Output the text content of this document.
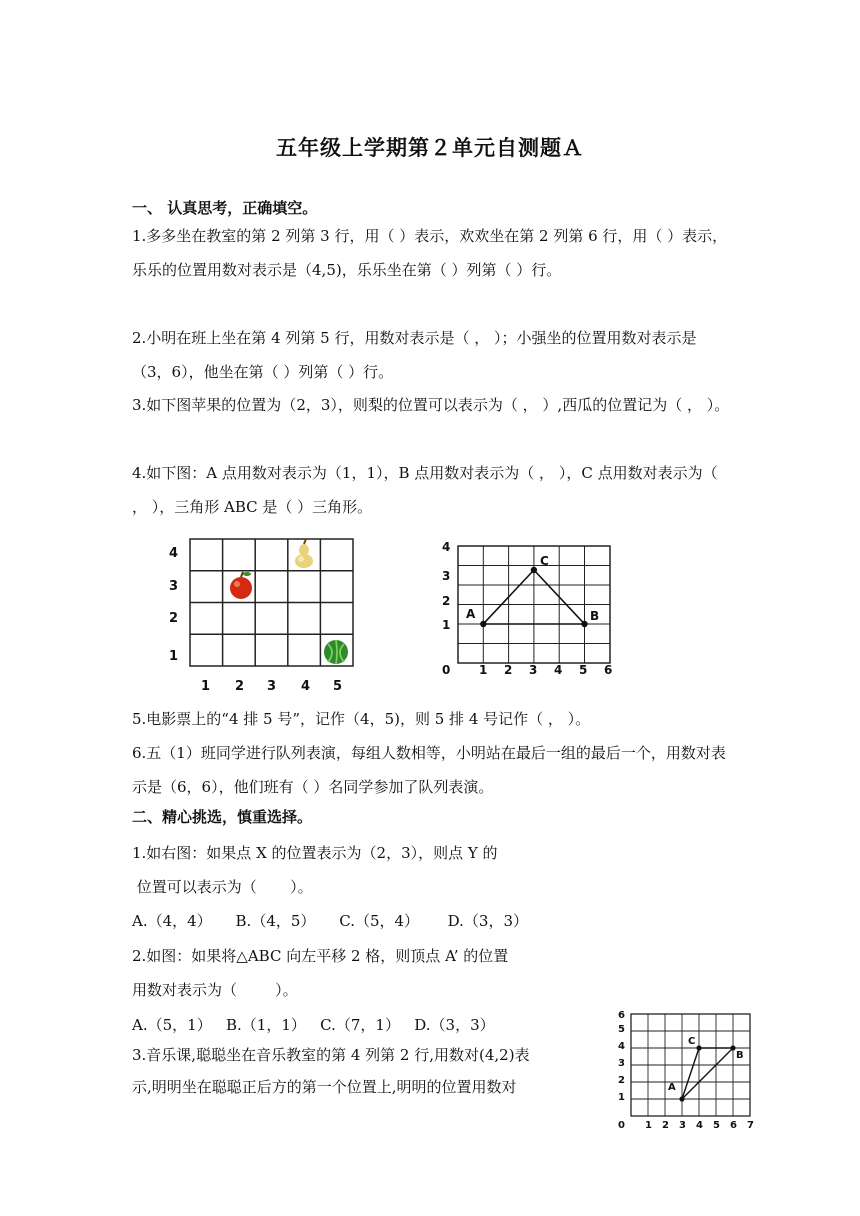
五年级上学期第２单元自测题Ａ
一、 认真思考，正确填空。
1.多多坐在教室的第 2 列第 3 行，用（ ）表示，欢欢坐在第 2 列第 6 行，用（ ）表示，乐乐的位置用数对表示是（4,5)，乐乐坐在第（ ）列第（ ）行。
2.小明在班上坐在第 4 列第 5 行，用数对表示是（ ， ）；小强坐的位置用数对表示是（3，6），他坐在第（ ）列第（ ）行。
3.如下图苹果的位置为（2，3），则梨的位置可以表示为（ ， ）,西瓜的位置记为（ ， ）。
4.如下图：A 点用数对表示为（1，1），B 点用数对表示为（ ， ），C 点用数对表示为（ ， ），三角形 ABC 是（ ）三角形。
4
3
2
1
1 2 3 4 5
A	B
C
4
3
2
1
0 1 2 3 4 5 6
5.电影票上的“4 排 5 号”，记作（4，5)，则 5 排 4 号记作（ ， ）。
6.五（1）班同学进行队列表演，每组人数相等，小明站在最后一组的最后一个，用数对表示是（6，6），他们班有（ ）名同学参加了队列表演。
二、精心挑选，慎重选择。
1.如右图：如果点 X 的位置表示为（2，3），则点 Y 的
位置可以表示为（       ）。
A.（4，4）     B.（4，5）     C.（5，4）      D.（3，3）
2.如图：如果将△ABC 向左平移 2 格，则顶点 A’ 的位置
用数对表示为（        ）。
A.（5，1）   B.（1，1）   C.（7，1）   D.（3，3）
3.音乐课,聪聪坐在音乐教室的第 4 列第 2 行,用数对(4,2)表
示,明明坐在聪聪正后方的第一个位置上,明明的位置用数对	A
B
C
6
5
4
3
2
1
0 1 2 3 4 5 6 7
